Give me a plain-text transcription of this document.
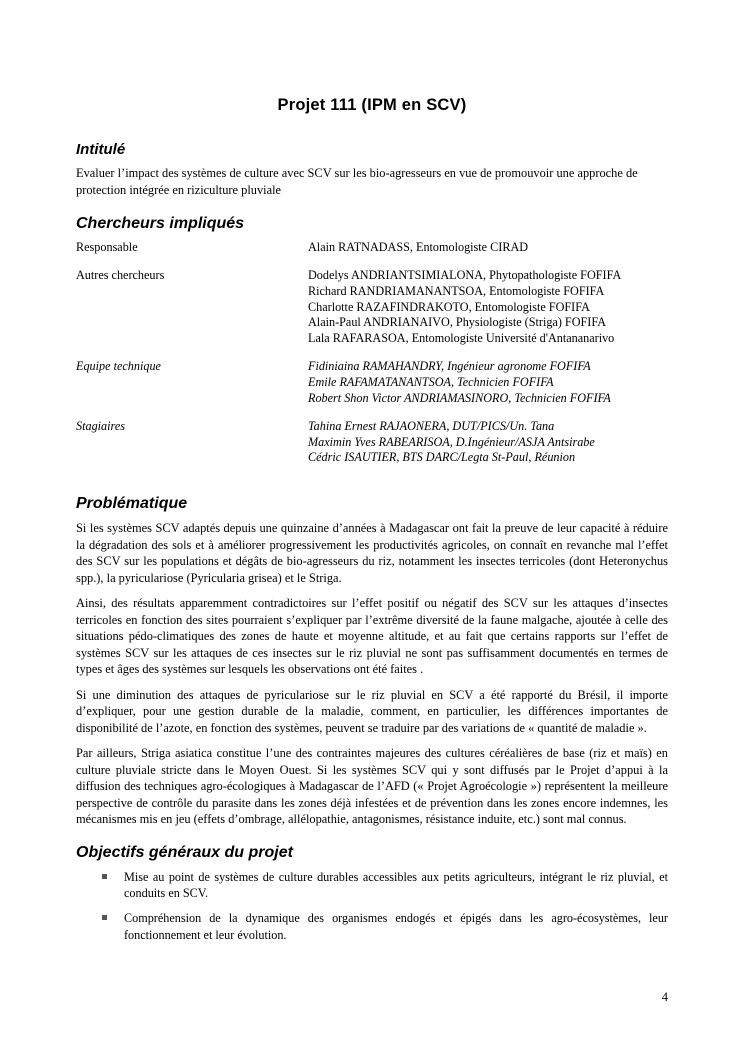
Projet 111 (IPM en SCV)
Intitulé

Evaluer l’impact des systèmes de culture avec SCV sur les bio-agresseurs en vue de promouvoir une approche de protection intégrée en riziculture pluviale

Chercheurs impliqués
Responsable	Alain RATNADASS, Entomologiste CIRAD

Autres chercheurs	Dodelys ANDRIANTSIMIALONA, Phytopathologiste FOFIFA
Richard RANDRIAMANANTSOA, Entomologiste FOFIFA
Charlotte RAZAFINDRAKOTO, Entomologiste FOFIFA
Alain-Paul ANDRIANAIVO, Physiologiste (Striga) FOFIFA
Lala RAFARASOA, Entomologiste Université d'Antananarivo

Equipe technique	Fidiniaina RAMAHANDRY, Ingénieur agronome FOFIFA
Emile RAFAMATANANTSOA, Technicien FOFIFA
Robert Shon Victor ANDRIAMASINORO, Technicien FOFIFA

Stagiaires	Tahina Ernest RAJAONERA, DUT/PICS/Un. Tana
Maximin Yves RABEARISOA, D.Ingénieur/ASJA Antsirabe
Cédric ISAUTIER, BTS DARC/Legta St-Paul, Réunion
Problématique

Si les systèmes SCV adaptés depuis une quinzaine d’années à Madagascar ont fait la preuve de leur capacité à réduire la dégradation des sols et à améliorer progressivement les productivités agricoles, on connaît en revanche mal l’effet des SCV sur les populations et dégâts de bio-agresseurs du riz, notamment les insectes terricoles (dont Heteronychus spp.), la pyriculariose (Pyricularia grisea) et le Striga.

Ainsi, des résultats apparemment contradictoires sur l’effet positif ou négatif des SCV sur les attaques d’insectes terricoles en fonction des sites pourraient s’expliquer par l’extrême diversité de la faune malgache, ajoutée à celle des situations pédo-climatiques des zones de haute et moyenne altitude, et au fait que certains rapports sur l’effet de systèmes SCV sur les attaques de ces insectes sur le riz pluvial ne sont pas suffisamment documentés en termes de types et âges des systèmes sur lesquels les observations ont été faites .

Si une diminution des attaques de pyriculariose sur le riz pluvial en SCV a été rapporté du Brésil, il importe d’expliquer, pour une gestion durable de la maladie, comment, en particulier, les différences importantes de disponibilité de l’azote, en fonction des systèmes, peuvent se traduire par des variations de « quantité de maladie ».

Par ailleurs, Striga asiatica constitue l’une des contraintes majeures des cultures céréalières de base (riz et maïs) en culture pluviale stricte dans le Moyen Ouest. Si les systèmes SCV qui y sont diffusés par le Projet d’appui à la diffusion des techniques agro-écologiques à Madagascar de l’AFD (« Projet Agroécologie ») représentent la meilleure perspective de contrôle du parasite dans les zones déjà infestées et de prévention dans les zones encore indemnes, les mécanismes mis en jeu (effets d’ombrage, allélopathie, antagonismes, résistance induite, etc.) sont mal connus.

Objectifs généraux du projet
Mise au point de systèmes de culture durables accessibles aux petits agriculteurs, intégrant le riz pluvial, et conduits en SCV.
Compréhension de la dynamique des organismes endogés et épigés dans les agro-écosystèmes, leur fonctionnement et leur évolution.
4
